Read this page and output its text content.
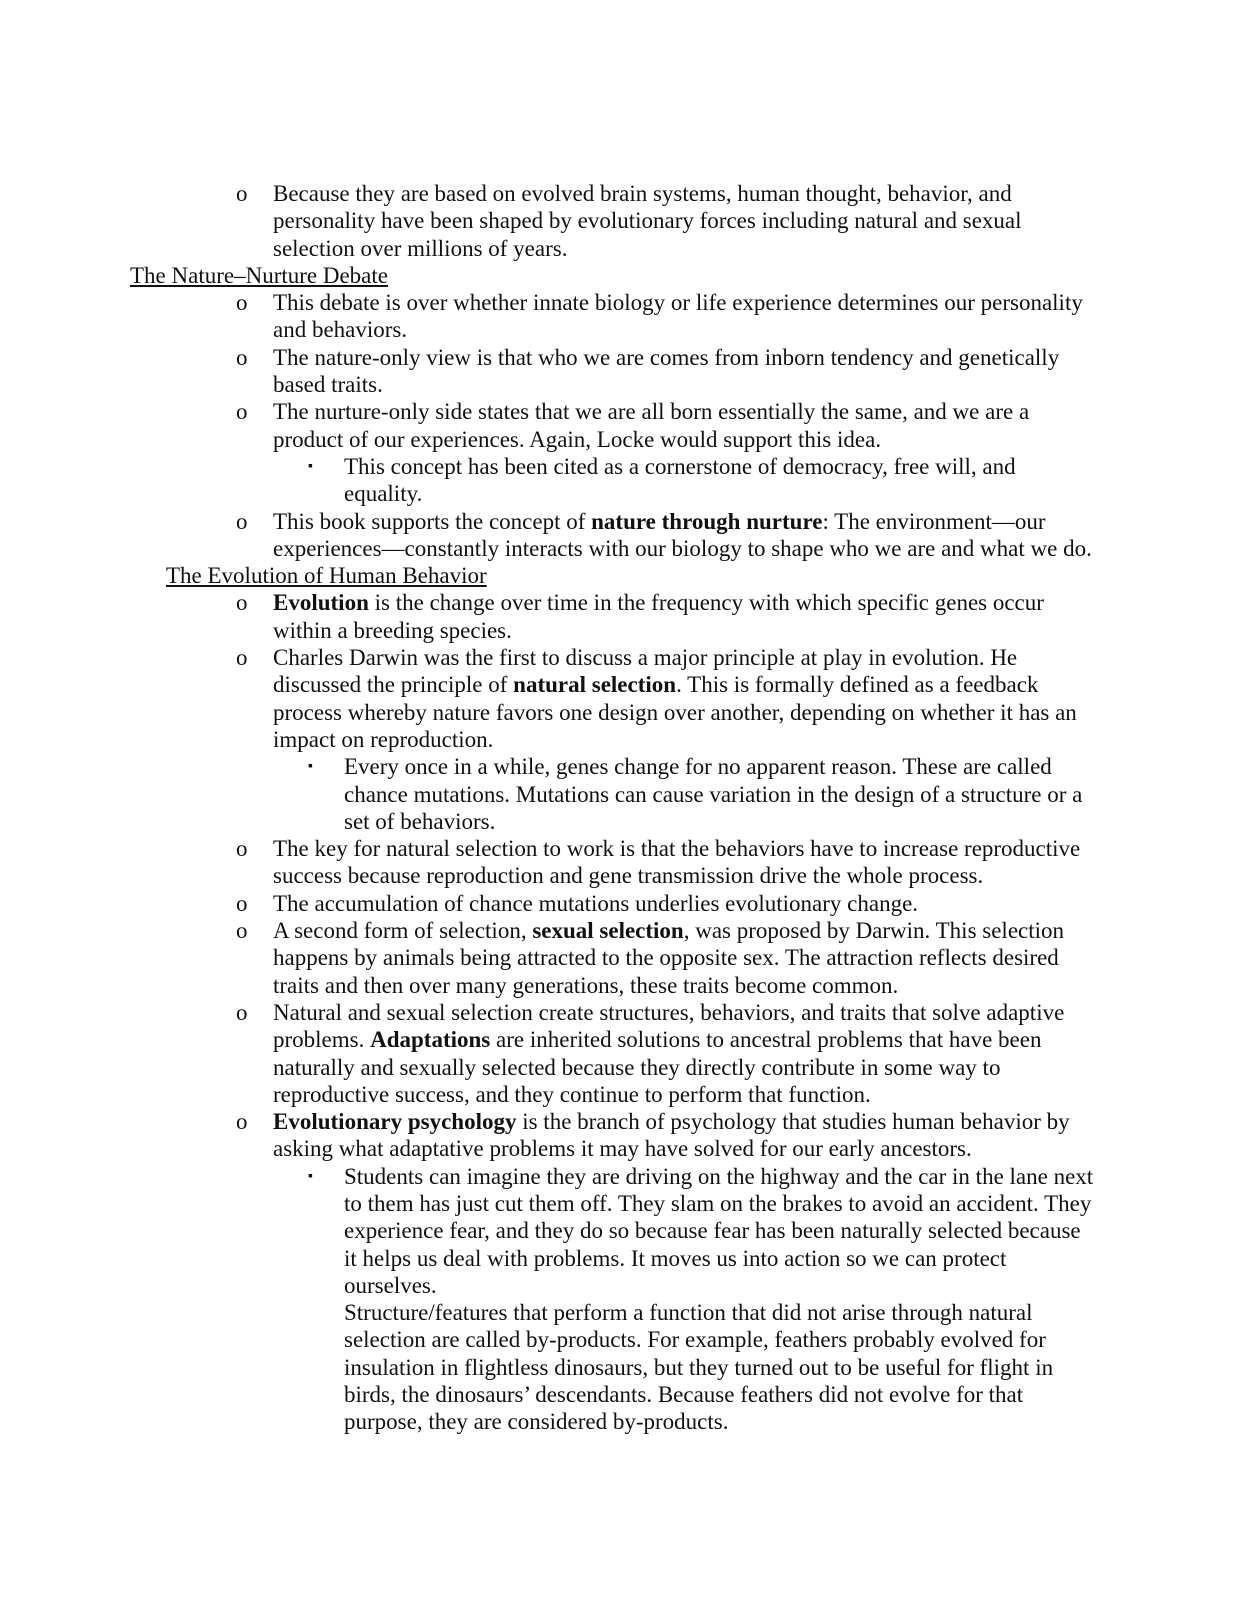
o Because they are based on evolved brain systems, human thought, behavior, and personality have been shaped by evolutionary forces including natural and sexual selection over millions of years.

The Nature–Nurture Debate

o This debate is over whether innate biology or life experience determines our personality and behaviors.

o The nature-only view is that who we are comes from inborn tendency and genetically based traits.

o The nurture-only side states that we are all born essentially the same, and we are a product of our experiences. Again, Locke would support this idea.

▪ This concept has been cited as a cornerstone of democracy, free will, and equality.

o This book supports the concept of nature through nurture: The environment—our experiences—constantly interacts with our biology to shape who we are and what we do.

The Evolution of Human Behavior

o Evolution is the change over time in the frequency with which specific genes occur within a breeding species.

o Charles Darwin was the first to discuss a major principle at play in evolution. He discussed the principle of natural selection. This is formally defined as a feedback process whereby nature favors one design over another, depending on whether it has an impact on reproduction.

▪ Every once in a while, genes change for no apparent reason. These are called chance mutations. Mutations can cause variation in the design of a structure or a set of behaviors.

o The key for natural selection to work is that the behaviors have to increase reproductive success because reproduction and gene transmission drive the whole process.

o The accumulation of chance mutations underlies evolutionary change.

o A second form of selection, sexual selection, was proposed by Darwin. This selection happens by animals being attracted to the opposite sex. The attraction reflects desired traits and then over many generations, these traits become common.

o Natural and sexual selection create structures, behaviors, and traits that solve adaptive problems. Adaptations are inherited solutions to ancestral problems that have been naturally and sexually selected because they directly contribute in some way to reproductive success, and they continue to perform that function.

o Evolutionary psychology is the branch of psychology that studies human behavior by asking what adaptative problems it may have solved for our early ancestors.

▪ Students can imagine they are driving on the highway and the car in the lane next to them has just cut them off. They slam on the brakes to avoid an accident. They experience fear, and they do so because fear has been naturally selected because it helps us deal with problems. It moves us into action so we can protect ourselves.

Structure/features that perform a function that did not arise through natural selection are called by-products. For example, feathers probably evolved for insulation in flightless dinosaurs, but they turned out to be useful for flight in birds, the dinosaurs’ descendants. Because feathers did not evolve for that purpose, they are considered by-products.
